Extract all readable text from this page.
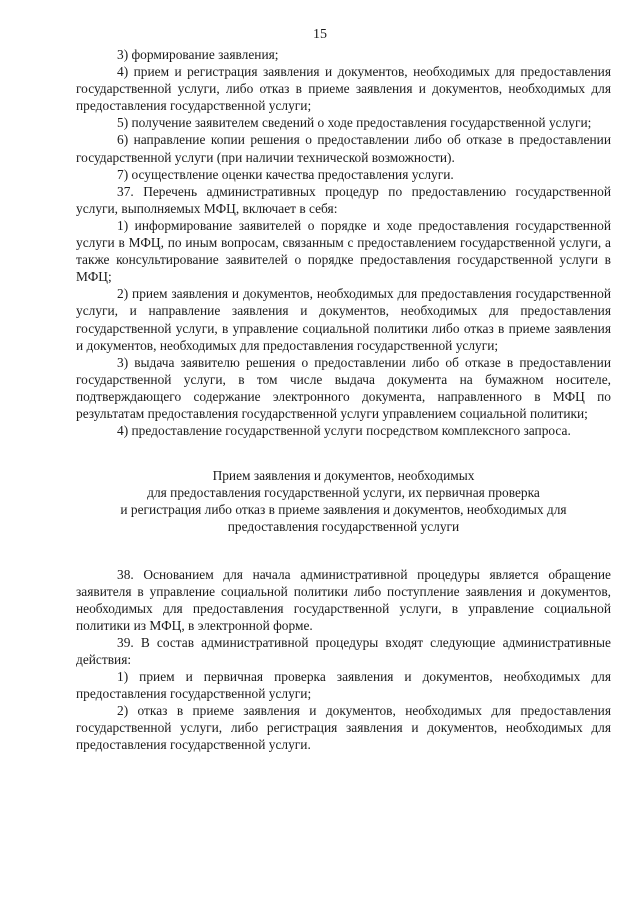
15

3) формирование заявления;

4) прием и регистрация заявления и документов, необходимых для предоставления государственной услуги, либо отказ в приеме заявления и документов, необходимых для предоставления государственной услуги;

5) получение заявителем сведений о ходе предоставления государственной услуги;

6) направление копии решения о предоставлении либо об отказе в предоставлении государственной услуги (при наличии технической возможности).

7) осуществление оценки качества предоставления услуги.

37. Перечень административных процедур по предоставлению государственной услуги, выполняемых МФЦ, включает в себя:

1) информирование заявителей о порядке и ходе предоставления государственной услуги в МФЦ, по иным вопросам, связанным с предоставлением государственной услуги, а также консультирование заявителей о порядке предоставления государственной услуги в МФЦ;

2) прием заявления и документов, необходимых для предоставления государственной услуги, и направление заявления и документов, необходимых для предоставления государственной услуги, в управление социальной политики либо отказ в приеме заявления и документов, необходимых для предоставления государственной услуги;

3) выдача заявителю решения о предоставлении либо об отказе в предоставлении государственной услуги, в том числе выдача документа на бумажном носителе, подтверждающего содержание электронного документа, направленного в МФЦ по результатам предоставления государственной услуги управлением социальной политики;

4) предоставление государственной услуги посредством комплексного запроса.

Прием заявления и документов, необходимых
для предоставления государственной услуги, их первичная проверка
и регистрация либо отказ в приеме заявления и документов, необходимых для
предоставления государственной услуги

38. Основанием для начала административной процедуры является обращение заявителя в управление социальной политики либо поступление заявления и документов, необходимых для предоставления государственной услуги, в управление социальной политики из МФЦ, в электронной форме.

39. В состав административной процедуры входят следующие административные действия:

1) прием и первичная проверка заявления и документов, необходимых для предоставления государственной услуги;

2) отказ в приеме заявления и документов, необходимых для предоставления государственной услуги, либо регистрация заявления и документов, необходимых для предоставления государственной услуги.
